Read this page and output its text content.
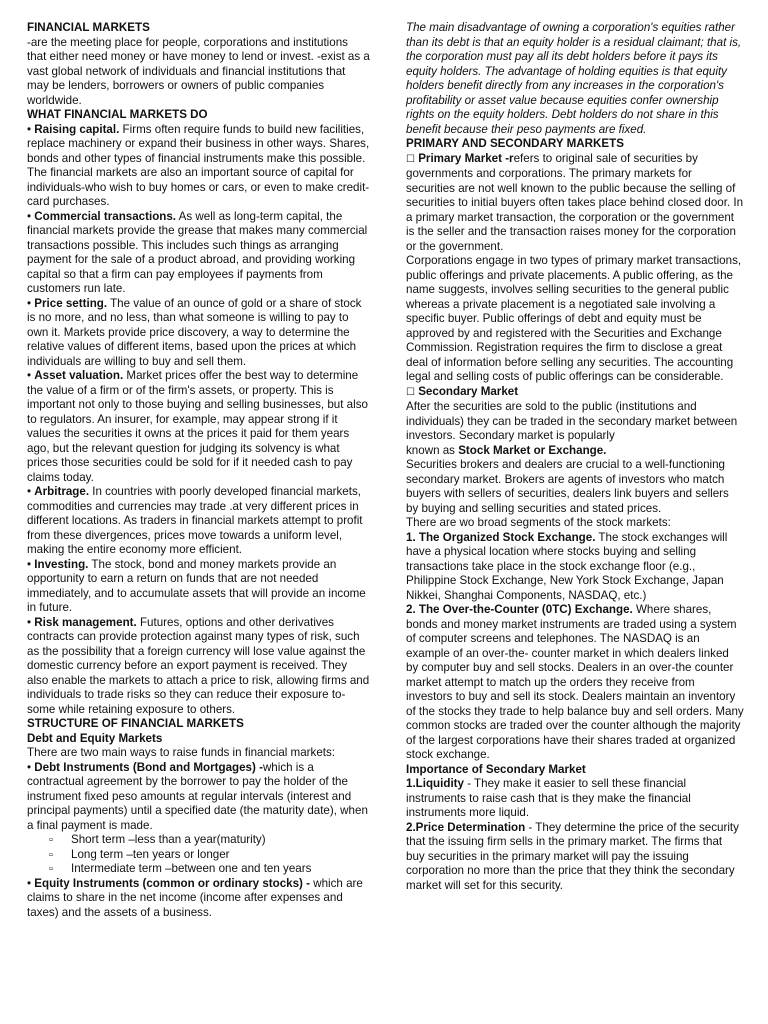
FINANCIAL MARKETS

-are the meeting place for people, corporations and institutions that either need money or have money to lend or invest. -exist as a vast global network of individuals and financial institutions that may be lenders, borrowers or owners of public companies worldwide.

WHAT FINANCIAL MARKETS DO

• Raising capital. Firms often require funds to build new facilities, replace machinery or expand their business in other ways. Shares, bonds and other types of financial instruments make this possible. The financial markets are also an important source of capital for individuals-who wish to buy homes or cars, or even to make credit-card purchases.

• Commercial transactions. As well as long-term capital, the financial markets provide the grease that makes many commercial transactions possible. This includes such things as arranging payment for the sale of a product abroad, and providing working capital so that a firm can pay employees if payments from customers run late.

• Price setting. The value of an ounce of gold or a share of stock is no more, and no less, than what someone is willing to pay to own it. Markets provide price discovery, a way to determine the relative values of different items, based upon the prices at which individuals are willing to buy and sell them.

• Asset valuation. Market prices offer the best way to determine the value of a firm or of the firm's assets, or property. This is important not only to those buying and selling businesses, but also to regulators. An insurer, for example, may appear strong if it values the securities it owns at the prices it paid for them years ago, but the relevant question for judging its solvency is what prices those securities could be sold for if it needed cash to pay claims today.

• Arbitrage. In countries with poorly developed financial markets, commodities and currencies may trade .at very different prices in different locations. As traders in financial markets attempt to profit from these divergences, prices move towards a uniform level, making the entire economy more efficient.

• Investing. The stock, bond and money markets provide an opportunity to earn a return on funds that are not needed immediately, and to accumulate assets that will provide an income in future.

• Risk management. Futures, options and other derivatives contracts can provide protection against many types of risk, such as the possibility that a foreign currency will lose value against the domestic currency before an export payment is received. They also enable the markets to attach a price to risk, allowing firms and individuals to trade risks so they can reduce their exposure to-some while retaining exposure to others.

STRUCTURE OF FINANCIAL MARKETS

Debt and Equity Markets

There are two main ways to raise funds in financial markets:

• Debt Instruments (Bond and Mortgages) -which is a contractual agreement by the borrower to pay the holder of the instrument fixed peso amounts at regular intervals (interest and principal payments) until a specified date (the maturity date), when a final payment is made.

▫ Short term –less than a year(maturity)
▫ Long term –ten years or longer
▫ Intermediate term –between one and ten years

• Equity Instruments (common or ordinary stocks) - which are claims to share in the net income (income after expenses and taxes) and the assets of a business.

The main disadvantage of owning a corporation's equities rather than its debt is that an equity holder is a residual claimant; that is, the corporation must pay all its debt holders before it pays its equity holders. The advantage of holding equities is that equity holders benefit directly from any increases in the corporation's profitability or asset value because equities confer ownership rights on the equity holders. Debt holders do not share in this benefit because their peso payments are fixed.

PRIMARY AND SECONDARY MARKETS

☐ Primary Market -refers to original sale of securities by governments and corporations. The primary markets for securities are not well known to the public because the selling of securities to initial buyers often takes place behind closed door. In a primary market transaction, the corporation or the government is the seller and the transaction raises money for the corporation or the government.

Corporations engage in two types of primary market transactions, public offerings and private placements. A public offering, as the name suggests, involves selling securities to the general public whereas a private placement is a negotiated sale involving a specific buyer. Public offerings of debt and equity must be approved by and registered with the Securities and Exchange Commission. Registration requires the firm to disclose a great deal of information before selling any securities. The accounting legal and selling costs of public offerings can be considerable.

☐ Secondary Market

After the securities are sold to the public (institutions and individuals) they can be traded in the secondary market between investors. Secondary market is popularly

known as Stock Market or Exchange.

Securities brokers and dealers are crucial to a well-functioning secondary market. Brokers are agents of investors who match buyers with sellers of securities, dealers link buyers and sellers by buying and selling securities and stated prices.

There are wo broad segments of the stock markets:

1. The Organized Stock Exchange. The stock exchanges will have a physical location where stocks buying and selling transactions take place in the stock exchange floor (e.g., Philippine Stock Exchange, New York Stock Exchange, Japan Nikkei, Shanghai Components, NASDAQ, etc.)

2. The Over-the-Counter (0TC) Exchange. Where shares, bonds and money market instruments are traded using a system of computer screens and telephones. The NASDAQ is an example of an over-the- counter market in which dealers linked by computer buy and sell stocks. Dealers in an over-the counter market attempt to match up the orders they receive from investors to buy and sell its stock. Dealers maintain an inventory of the stocks they trade to help balance buy and sell orders. Many common stocks are traded over the counter although the majority of the largest corporations have their shares traded at organized stock exchange.

Importance of Secondary Market

1.Liquidity - They make it easier to sell these financial instruments to raise cash that is they make the financial instruments more liquid.

2.Price Determination - They determine the price of the security that the issuing firm sells in the primary market. The firms that buy securities in the primary market will pay the issuing corporation no more than the price that they think the secondary market will set for this security.
